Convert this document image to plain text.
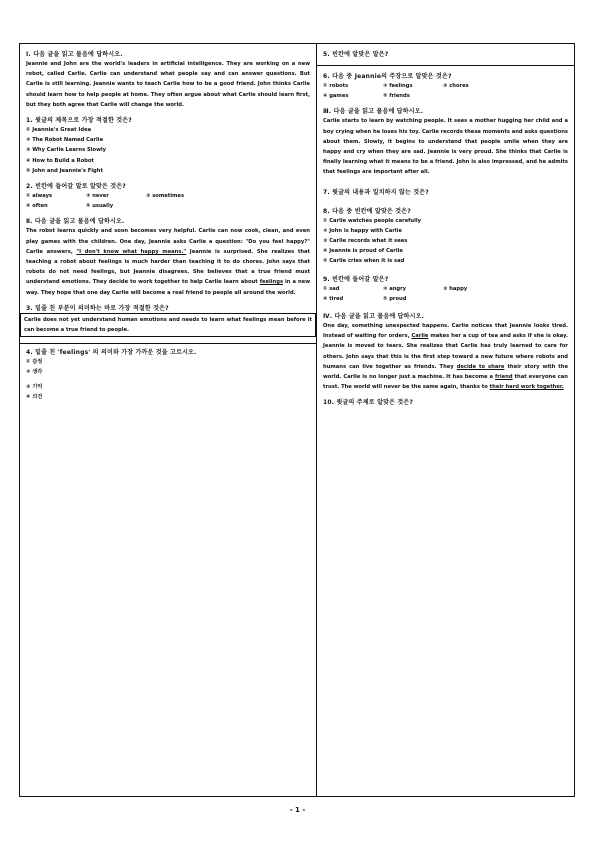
Ⅰ. 다음 글을 읽고 물음에 답하시오.

Jeannie and John are the world's leaders in artificial intelligence. They are working on a new robot, called Carlie. Carlie can understand what people say and can answer questions. But Carlie is still learning. Jeannie wants to teach Carlie how to be a good friend. John thinks Carlie should learn how to help people at home. They often argue about what Carlie should learn first, but they both agree that Carlie will change the world.

1. 윗글의 제목으로 가장 적절한 것은?

① Jeannie's Great Idea

② The Robot Named Carlie

③ Why Carlie Learns Slowly

④ How to Build a Robot

⑤ John and Jeannie's Fight

2. 빈칸에 들어갈 말로 알맞은 것은?

① always	② never	③ sometimes
④ often	⑤ usually

Ⅱ. 다음 글을 읽고 물음에 답하시오.

The robot learns quickly and soon becomes very helpful. Carlie can now cook, clean, and even play games with the children. One day, Jeannie asks Carlie a question: "Do you feel happy?" Carlie answers, "I don't know what happy means." Jeannie is surprised. She realizes that teaching a robot about feelings is much harder than teaching it to do chores. John says that robots do not need feelings, but Jeannie disagrees. She believes that a true friend must understand emotions. They decide to work together to help Carlie learn about feelings in a new way. They hope that one day Carlie will become a real friend to people all around the world.

3. 밑줄 친 부분이 의미하는 바로 가장 적절한 것은?

Carlie does not yet understand human emotions and needs to learn what feelings mean before it can become a true friend to people.

4. 밑줄 친 'feelings' 의 의미와 가장 가까운 것을 고르시오.

① 감정

② 생각

③ 기억

④ 의견

5. 빈칸에 알맞은 말은?

6. 다음 중 Jeannie의 주장으로 알맞은 것은?

① robots	② feelings	③ chores
④ games	⑤ friends

Ⅲ. 다음 글을 읽고 물음에 답하시오.

Carlie starts to learn by watching people. It sees a mother hugging her child and a boy crying when he loses his toy. Carlie records these moments and asks questions about them. Slowly, it begins to understand that people smile when they are happy and cry when they are sad. Jeannie is very proud. She thinks that Carlie is finally learning what it means to be a friend. John is also impressed, and he admits that feelings are important after all.

7. 윗글의 내용과 일치하지 않는 것은?

8. 다음 중 빈칸에 알맞은 것은?

① Carlie watches people carefully

② John is happy with Carlie

③ Carlie records what it sees

④ Jeannie is proud of Carlie

⑤ Carlie cries when it is sad

9. 빈칸에 들어갈 말은?

① sad	② angry	③ happy
④ tired	⑤ proud

Ⅳ. 다음 글을 읽고 물음에 답하시오.

One day, something unexpected happens. Carlie notices that Jeannie looks tired. Instead of waiting for orders, Carlie makes her a cup of tea and asks if she is okay. Jeannie is moved to tears. She realizes that Carlie has truly learned to care for others. John says that this is the first step toward a new future where robots and humans can live together as friends. They decide to share their story with the world. Carlie is no longer just a machine. It has become a friend that everyone can trust. The world will never be the same again, thanks to their hard work together.

10. 윗글의 주제로 알맞은 것은?

- 1 -
